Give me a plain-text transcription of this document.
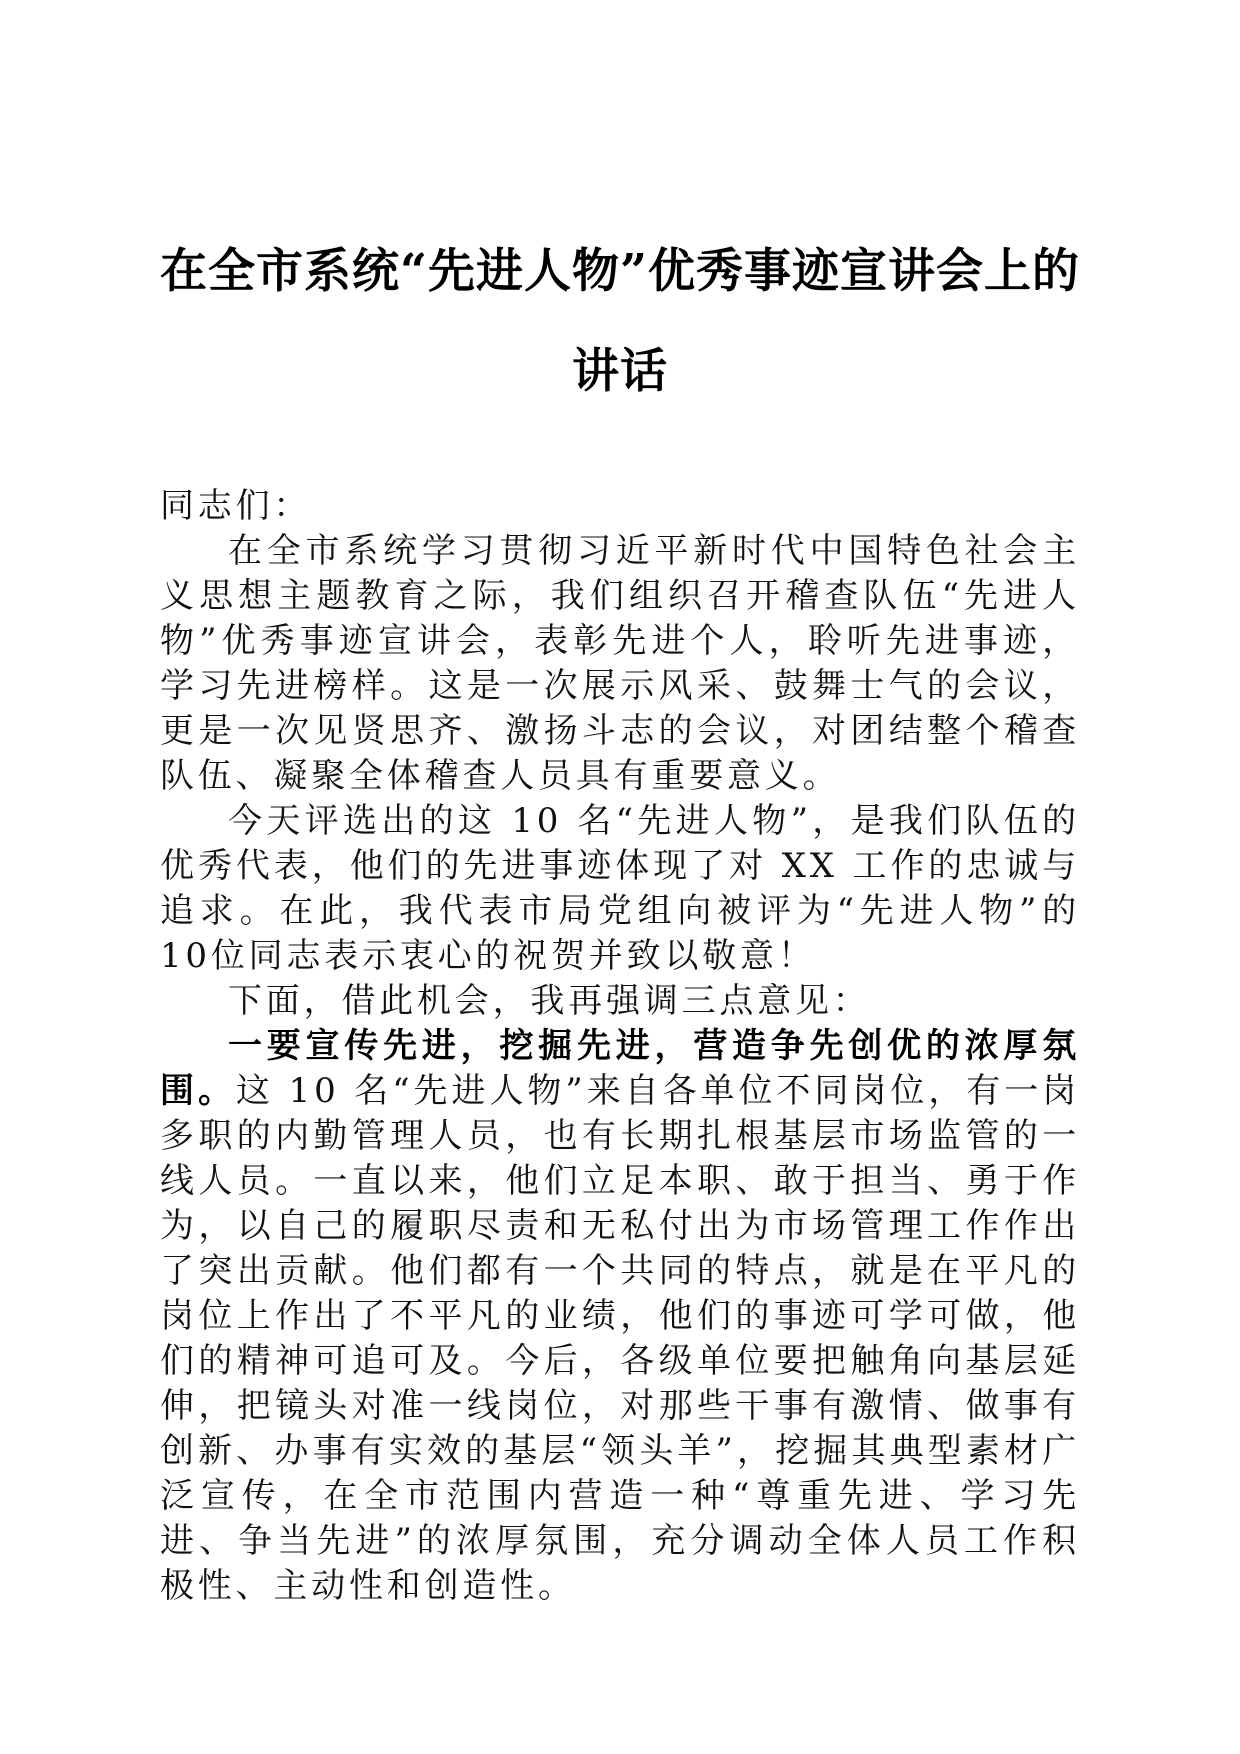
在全市系统“先进人物”优秀事迹宣讲会上的讲话

同志们：

在全市系统学习贯彻习近平新时代中国特色社会主义思想主题教育之际，我们组织召开稽查队伍“先进人物”优秀事迹宣讲会，表彰先进个人，聆听先进事迹，学习先进榜样。这是一次展示风采、鼓舞士气的会议，更是一次见贤思齐、激扬斗志的会议，对团结整个稽查队伍、凝聚全体稽查人员具有重要意义。

今天评选出的这 10 名“先进人物”，是我们队伍的优秀代表，他们的先进事迹体现了对 XX 工作的忠诚与追求。在此，我代表市局党组向被评为“先进人物”的10位同志表示衷心的祝贺并致以敬意！

下面，借此机会，我再强调三点意见：

一要宣传先进，挖掘先进，营造争先创优的浓厚氛围。这 10 名“先进人物”来自各单位不同岗位，有一岗多职的内勤管理人员，也有长期扎根基层市场监管的一线人员。一直以来，他们立足本职、敢于担当、勇于作为，以自己的履职尽责和无私付出为市场管理工作作出了突出贡献。他们都有一个共同的特点，就是在平凡的岗位上作出了不平凡的业绩，他们的事迹可学可做，他们的精神可追可及。今后，各级单位要把触角向基层延伸，把镜头对准一线岗位，对那些干事有激情、做事有创新、办事有实效的基层“领头羊”，挖掘其典型素材广泛宣传，在全市范围内营造一种“尊重先进、学习先进、争当先进”的浓厚氛围，充分调动全体人员工作积极性、主动性和创造性。
